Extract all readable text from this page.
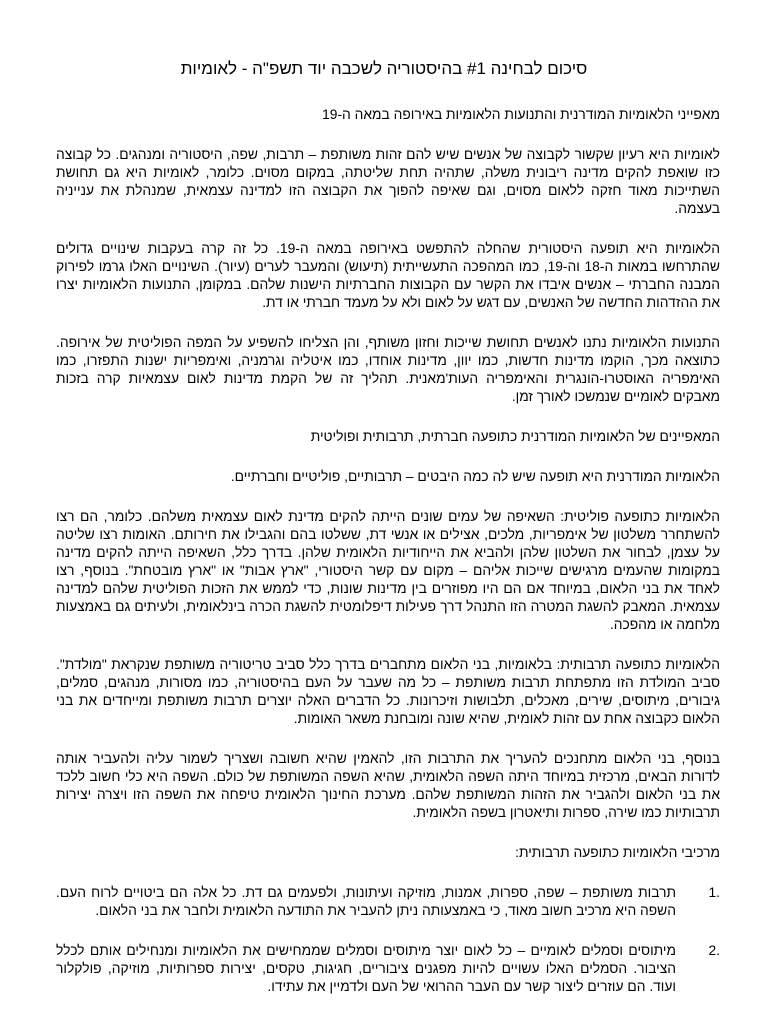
סיכום לבחינה #1 בהיסטוריה לשכבה יוד תשפ"ה - לאומיות

מאפייני הלאומיות המודרנית והתנועות הלאומיות באירופה במאה ה-19

לאומיות היא רעיון שקשור לקבוצה של אנשים שיש להם זהות משותפת – תרבות, שפה, היסטוריה ומנהגים. כל קבוצה כזו שואפת להקים מדינה ריבונית משלה, שתהיה תחת שליטתה, במקום מסוים. כלומר, לאומיות היא גם תחושת השתייכות מאוד חזקה ללאום מסוים, וגם שאיפה להפוך את הקבוצה הזו למדינה עצמאית, שמנהלת את ענייניה בעצמה.

הלאומיות היא תופעה היסטורית שהחלה להתפשט באירופה במאה ה-19. כל זה קרה בעקבות שינויים גדולים שהתרחשו במאות ה-18 וה-19, כמו המהפכה התעשייתית (תיעוש) והמעבר לערים (עיור). השינויים האלו גרמו לפירוק המבנה החברתי – אנשים איבדו את הקשר עם הקבוצות החברתיות הישנות שלהם. במקומן, התנועות הלאומיות יצרו את ההזדהות החדשה של האנשים, עם דגש על לאום ולא על מעמד חברתי או דת.

התנועות הלאומיות נתנו לאנשים תחושת שייכות וחזון משותף, והן הצליחו להשפיע על המפה הפוליטית של אירופה. כתוצאה מכך, הוקמו מדינות חדשות, כמו יוון, מדינות אוחדו, כמו איטליה וגרמניה, ואימפריות ישנות התפזרו, כמו האימפריה האוסטרו-הונגרית והאימפריה העות'מאנית. תהליך זה של הקמת מדינות לאום עצמאיות קרה בזכות מאבקים לאומיים שנמשכו לאורך זמן.

המאפיינים של הלאומיות המודרנית כתופעה חברתית, תרבותית ופוליטית

הלאומיות המודרנית היא תופעה שיש לה כמה היבטים – תרבותיים, פוליטיים וחברתיים.

הלאומיות כתופעה פוליטית: השאיפה של עמים שונים הייתה להקים מדינת לאום עצמאית משלהם. כלומר, הם רצו להשתחרר משלטון של אימפריות, מלכים, אצילים או אנשי דת, ששלטו בהם והגבילו את חירותם. האומות רצו שליטה על עצמן, לבחור את השלטון שלהן ולהביא את הייחודיות הלאומית שלהן. בדרך כלל, השאיפה הייתה להקים מדינה במקומות שהעמים מרגישים שייכות אליהם – מקום עם קשר היסטורי, "ארץ אבות" או "ארץ מובטחת". בנוסף, רצו לאחד את בני הלאום, במיוחד אם הם היו מפוזרים בין מדינות שונות, כדי לממש את הזכות הפוליטית שלהם למדינה עצמאית. המאבק להשגת המטרה הזו התנהל דרך פעילות דיפלומטית להשגת הכרה בינלאומית, ולעיתים גם באמצעות מלחמה או מהפכה.

הלאומיות כתופעה תרבותית: בלאומיות, בני הלאום מתחברים בדרך כלל סביב טריטוריה משותפת שנקראת "מולדת". סביב המולדת הזו מתפתחת תרבות משותפת – כל מה שעבר על העם בהיסטוריה, כמו מסורות, מנהגים, סמלים, גיבורים, מיתוסים, שירים, מאכלים, תלבושות וזיכרונות. כל הדברים האלה יוצרים תרבות משותפת ומייחדים את בני הלאום כקבוצה אחת עם זהות לאומית, שהיא שונה ומובחנת משאר האומות.

בנוסף, בני הלאום מתחנכים להעריך את התרבות הזו, להאמין שהיא חשובה ושצריך לשמור עליה ולהעביר אותה לדורות הבאים, מרכזית במיוחד היתה השפה הלאומית, שהיא השפה המשותפת של כולם. השפה היא כלי חשוב ללכד את בני הלאום ולהגביר את הזהות המשותפת שלהם. מערכת החינוך הלאומית טיפחה את השפה הזו ויצרה יצירות תרבותיות כמו שירה, ספרות ותיאטרון בשפה הלאומית.

מרכיבי הלאומיות כתופעה תרבותית:

1.
תרבות משותפת – שפה, ספרות, אמנות, מוזיקה ועיתונות, ולפעמים גם דת. כל אלה הם ביטויים לרוח העם. השפה היא מרכיב חשוב מאוד, כי באמצעותה ניתן להעביר את התודעה הלאומית ולחבר את בני הלאום.
2.
מיתוסים וסמלים לאומיים – כל לאום יוצר מיתוסים וסמלים שממחישים את הלאומיות ומנחילים אותם לכלל הציבור. הסמלים האלו עשויים להיות מפגנים ציבוריים, חגיגות, טקסים, יצירות ספרותיות, מוזיקה, פולקלור ועוד. הם עוזרים ליצור קשר עם העבר ההרואי של העם ולדמיין את עתידו.
